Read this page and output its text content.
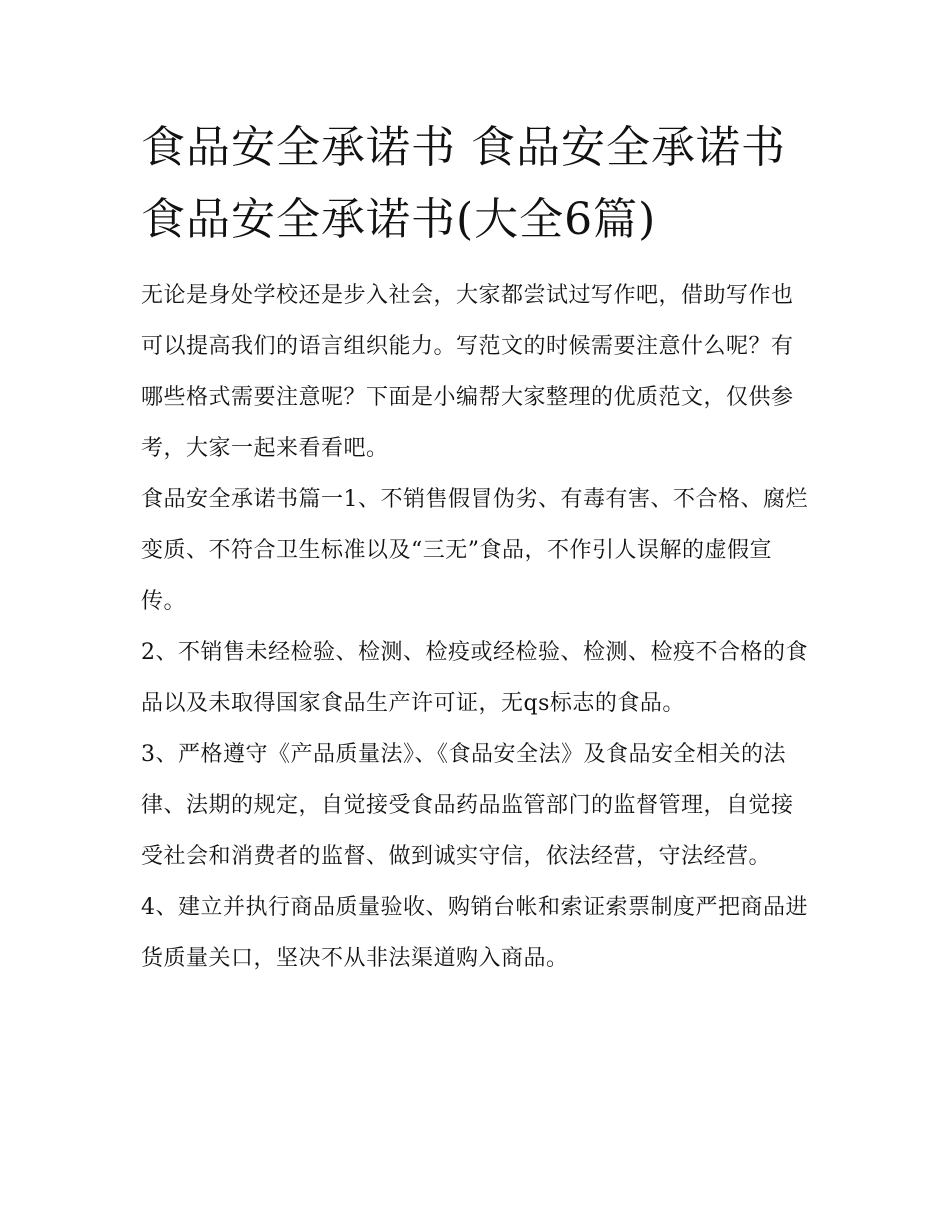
食品安全承诺书 食品安全承诺书食品安全承诺书(大全6篇)

无论是身处学校还是步入社会，大家都尝试过写作吧，借助写作也可以提高我们的语言组织能力。写范文的时候需要注意什么呢？有哪些格式需要注意呢？下面是小编帮大家整理的优质范文，仅供参考，大家一起来看看吧。

食品安全承诺书篇一1、不销售假冒伪劣、有毒有害、不合格、腐烂变质、不符合卫生标准以及“三无”食品，不作引人误解的虚假宣传。

2、不销售未经检验、检测、检疫或经检验、检测、检疫不合格的食品以及未取得国家食品生产许可证，无qs标志的食品。

3、严格遵守《产品质量法》、《食品安全法》及食品安全相关的法律、法期的规定，自觉接受食品药品监管部门的监督管理，自觉接受社会和消费者的监督、做到诚实守信，依法经营，守法经营。

4、建立并执行商品质量验收、购销台帐和索证索票制度严把商品进货质量关口，坚决不从非法渠道购入商品。
